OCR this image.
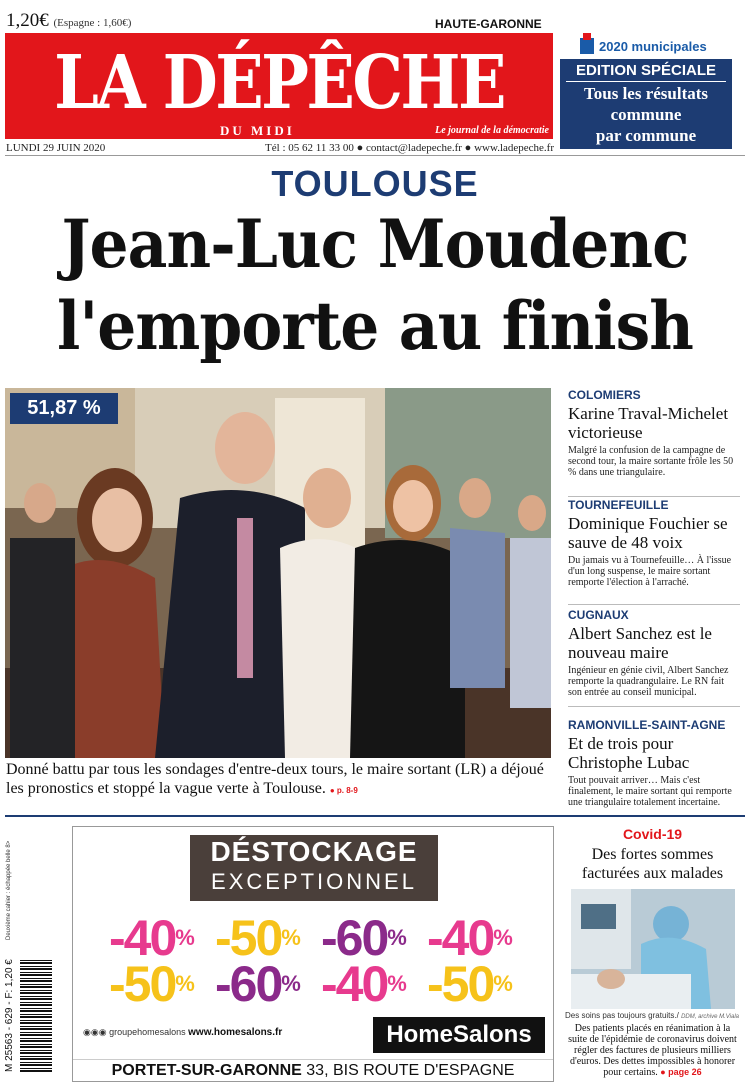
1,20€ (Espagne : 1,60€)	HAUTE-GARONNE
LA DÉPÊCHE
DU MIDI	Le journal de la démocratie
LUNDI 29 JUIN 2020	Tél : 05 62 11 33 00 ● contact@ladepeche.fr ● www.ladepeche.fr
2020 municipales
EDITION SPÉCIALE
Tous les résultats
commune
par commune
TOULOUSE
Jean-Luc Moudenc
l'emporte au finish
51,87 %
Donné battu par tous les sondages d'entre-deux tours, le maire sortant (LR) a déjoué les pronostics et stoppé la vague verte à Toulouse. ● p. 8-9
COLOMIERS
Karine Traval-Michelet victorieuse
Malgré la confusion de la campagne de second tour, la maire sortante frôle les 50 % dans une triangulaire.
TOURNEFEUILLE
Dominique Fouchier se sauve de 48 voix
Du jamais vu à Tournefeuille… À l'issue d'un long suspense, le maire sortant remporte l'élection à l'arraché.
CUGNAUX
Albert Sanchez est le nouveau maire
Ingénieur en génie civil, Albert Sanchez remporte la quadrangulaire. Le RN fait son entrée au conseil municipal.
RAMONVILLE-SAINT-AGNE
Et de trois pour Christophe Lubac
Tout pouvait arriver… Mais c'est finalement, le maire sortant qui remporte une triangulaire totalement incertaine.
Deuxième cahier : échappée belle 8>
M 25563 - 629 - F: 1,20 €
DÉSTOCKAGE
EXCEPTIONNEL
-40% -50% -60% -40%
-50% -60% -40% -50%
◉◉◉ groupehomesalons www.homesalons.fr	HomeSalons
PORTET-SUR-GARONNE 33, BIS ROUTE D'ESPAGNE
Covid-19
Des fortes sommes facturées aux malades
Des soins pas toujours gratuits./ DDM, archive M.Viala
Des patients placés en réanimation à la suite de l'épidémie de coronavirus doivent régler des factures de plusieurs milliers d'euros. Des dettes impossibles à honorer pour certains. ● page 26
